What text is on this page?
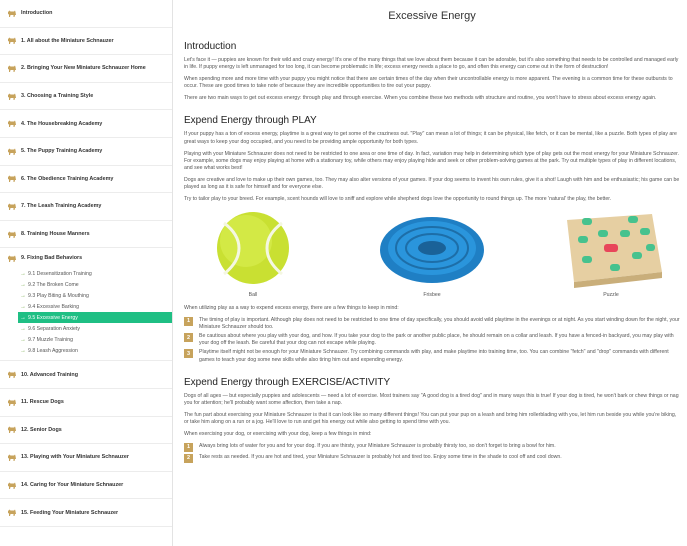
Introduction
1. All about the Miniature Schnauzer
2. Bringing Your New Miniature Schnauzer Home
3. Choosing a Training Style
4. The Housebreaking Academy
5. The Puppy Training Academy
6. The Obedience Training Academy
7. The Leash Training Academy
8. Training House Manners
9. Fixing Bad Behaviors
→ 9.1 Desensitization Training
→ 9.2 The Broken Come
→ 9.3 Play Biting & Mouthing
→ 9.4 Excessive Barking
→ 9.5 Excessive Energy
→ 9.6 Separation Anxiety
→ 9.7 Muzzle Training
→ 9.8 Leash Aggression
10. Advanced Training
11. Rescue Dogs
12. Senior Dogs
13. Playing with Your Miniature Schnauzer
14. Caring for Your Miniature Schnauzer
15. Feeding Your Miniature Schnauzer
Excessive Energy
Introduction

Let's face it — puppies are known for their wild and crazy energy! It's one of the many things that we love about them because it can be adorable, but it's also something that needs to be controlled and managed early in life. If puppy energy is left unmanaged for too long, it can become problematic in life; excess energy needs a place to go, and often this energy can come out in the form of destruction!

When spending more and more time with your puppy you might notice that there are certain times of the day when their uncontrollable energy is more apparent. The evening is a common time for these outbursts to occur. These are good times to take note of because they are incredible opportunities to tire out your puppy.

There are two main ways to get out excess energy: through play and through exercise. When you combine these two methods with structure and routine, you won't have to stress about excess energy again.

Expend Energy through PLAY

If your puppy has a ton of excess energy, playtime is a great way to get some of the craziness out. "Play" can mean a lot of things; it can be physical, like fetch, or it can be mental, like a puzzle. Both types of play are great ways to keep your dog occupied, and you need to be providing ample opportunity for both types.

Playing with your Miniature Schnauzer does not need to be restricted to one area or one time of day. In fact, variation may help in determining which type of play gets out the most energy for your Miniature Schnauzer. For example, some dogs may enjoy playing at home with a stationary toy, while others may enjoy playing hide and seek or other problem-solving games at the park. Try out multiple types of play in different locations, and see what works best!

Dogs are creative and love to make up their own games, too. They may also alter versions of your games. If your dog seems to invent his own rules, give it a shot! Laugh with him and be enthusiastic; his game can be played as long as it is safe for himself and for everyone else.

Try to tailor play to your breed. For example, scent hounds will love to sniff and explore while shepherd dogs love the opportunity to round things up. The more 'natural' the play, the better.

Ball	Frisbee	Puzzle

When utilizing play as a way to expend excess energy, there are a few things to keep in mind:

1	The timing of play is important. Although play does not need to be restricted to one time of day specifically, you should avoid wild playtime in the evenings or at night. As you start winding down for the night, your Miniature Schnauzer should too.
2	Be cautious about where you play with your dog, and how. If you take your dog to the park or another public place, he should remain on a collar and leash. If you have a fenced-in backyard, you may play with your dog off the leash. Be careful that your dog can not escape while playing.
3	Playtime itself might not be enough for your Miniature Schnauzer. Try combining commands with play, and make playtime into training time, too. You can combine "fetch" and "drop" commands with different games to teach your dog some new skills while also tiring him out and expending energy.
Expend Energy through EXERCISE/ACTIVITY

Dogs of all ages — but especially puppies and adolescents — need a lot of exercise. Most trainers say "A good dog is a tired dog" and in many ways this is true! If your dog is tired, he won't bark or chew things or nag you for attention; he'll probably want some affection, then take a nap.

The fun part about exercising your Miniature Schnauzer is that it can look like so many different things! You can put your pup on a leash and bring him rollerblading with you, let him run beside you while you're biking, or take him along on a run or a jog. He'll love to run and get his energy out while also getting to spend time with you.

When exercising your dog, or exercising with your dog, keep a few things in mind:

1	Always bring lots of water for you and for your dog. If you are thirsty, your Miniature Schnauzer is probably thirsty too, so don't forget to bring a bowl for him.
2	Take rests as needed. If you are hot and tired, your Miniature Schnauzer is probably hot and tired too. Enjoy some time in the shade to cool off and cool down.
